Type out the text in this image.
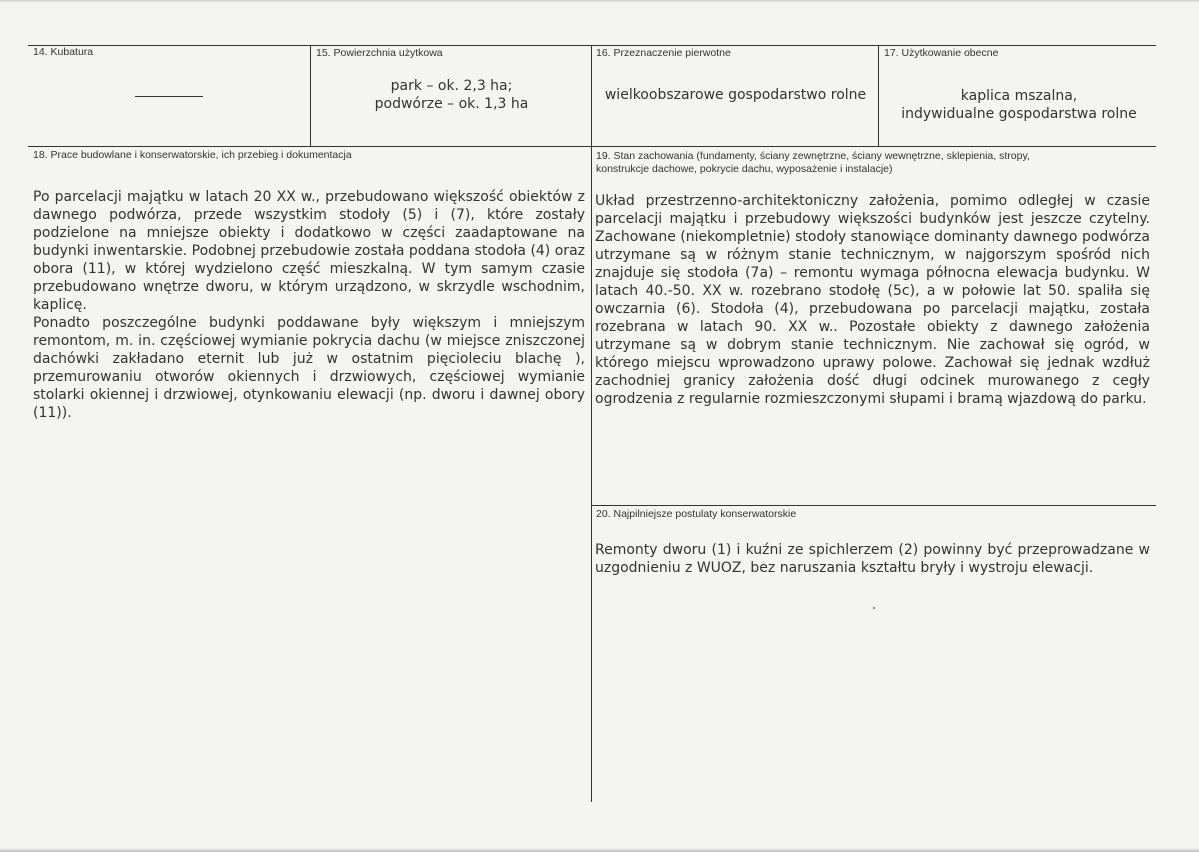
14. Kubatura	15. Powierzchnia użytkowa
park – ok. 2,3 ha;
podwórze – ok. 1,3 ha
16. Przeznaczenie pierwotne
wielkoobszarowe gospodarstwo rolne
17. Użytkowanie obecne
kaplica mszalna,
indywidualne gospodarstwa rolne
18. Prace budowlane i konserwatorskie, ich przebieg i dokumentacja
Po parcelacji majątku w latach 20 XX w., przebudowano większość obiektów z dawnego podwórza, przede wszystkim stodoły (5) i (7), które zostały podzielone na mniejsze obiekty i dodatkowo w części zaadaptowane na budynki inwentarskie. Podobnej przebudowie została poddana stodoła (4) oraz obora (11), w której wydzielono część mieszkalną. W tym samym czasie przebudowano wnętrze dworu, w którym urządzono, w skrzydle wschodnim, kaplicę.
Ponadto poszczególne budynki poddawane były większym i mniejszym remontom, m. in. częściowej wymianie pokrycia dachu (w miejsce zniszczonej dachówki zakładano eternit lub już w ostatnim pięcioleciu blachę ), przemurowaniu otworów okiennych i drzwiowych, częściowej wymianie stolarki okiennej i drzwiowej, otynkowaniu elewacji (np. dworu i dawnej obory (11)).
19. Stan zachowania (fundamenty, ściany zewnętrzne, ściany wewnętrzne, sklepienia, stropy,
konstrukcje dachowe, pokrycie dachu, wyposażenie i instalacje)
Układ przestrzenno-architektoniczny założenia, pomimo odległej w czasie parcelacji majątku i przebudowy większości budynków jest jeszcze czytelny. Zachowane (niekompletnie) stodoły stanowiące dominanty dawnego podwórza utrzymane są w różnym stanie technicznym, w najgorszym spośród nich znajduje się stodoła (7a) – remontu wymaga północna elewacja budynku. W latach 40.-50. XX w. rozebrano stodołę (5c), a w połowie lat 50. spaliła się owczarnia (6). Stodoła (4), przebudowana po parcelacji majątku, została rozebrana w latach 90. XX w.. Pozostałe obiekty z dawnego założenia utrzymane są w dobrym stanie technicznym. Nie zachował się ogród, w którego miejscu wprowadzono uprawy polowe. Zachował się jednak wzdłuż zachodniej granicy założenia dość długi odcinek murowanego z cegły ogrodzenia z regularnie rozmieszczonymi słupami i bramą wjazdową do parku.
20. Najpilniejsze postulaty konserwatorskie
Remonty dworu (1) i kuźni ze spichlerzem (2) powinny być przeprowadzane w uzgodnieniu z WUOZ, bez naruszania kształtu bryły i wystroju elewacji.
